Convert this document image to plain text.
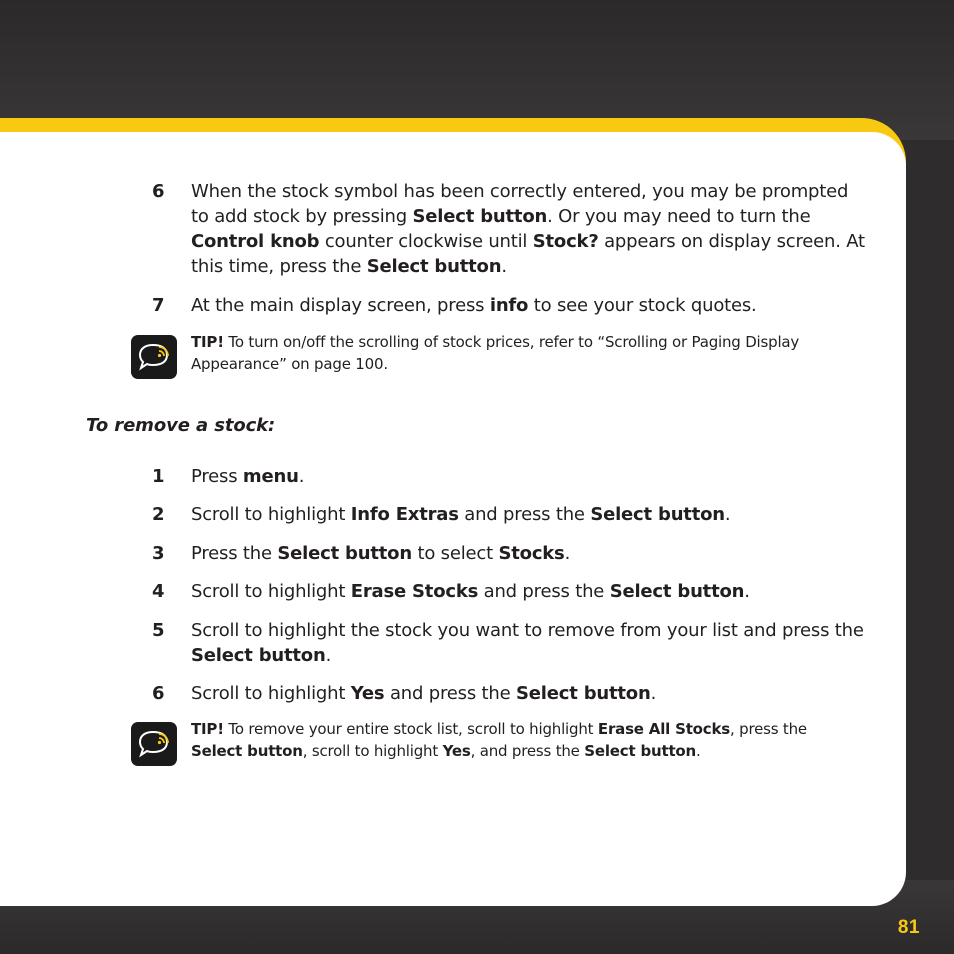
6 When the stock symbol has been correctly entered, you may be prompted to add stock by pressing Select button. Or you may need to turn the Control knob counter clockwise until Stock? appears on display screen. At this time, press the Select button.
7 At the main display screen, press info to see your stock quotes.
TIP! To turn on/off the scrolling of stock prices, refer to “Scrolling or Paging Display Appearance” on page 100.
To remove a stock:
1 Press menu.
2 Scroll to highlight Info Extras and press the Select button.
3 Press the Select button to select Stocks.
4 Scroll to highlight Erase Stocks and press the Select button.
5 Scroll to highlight the stock you want to remove from your list and press the Select button.
6 Scroll to highlight Yes and press the Select button.
TIP! To remove your entire stock list, scroll to highlight Erase All Stocks, press the Select button, scroll to highlight Yes, and press the Select button.
81
